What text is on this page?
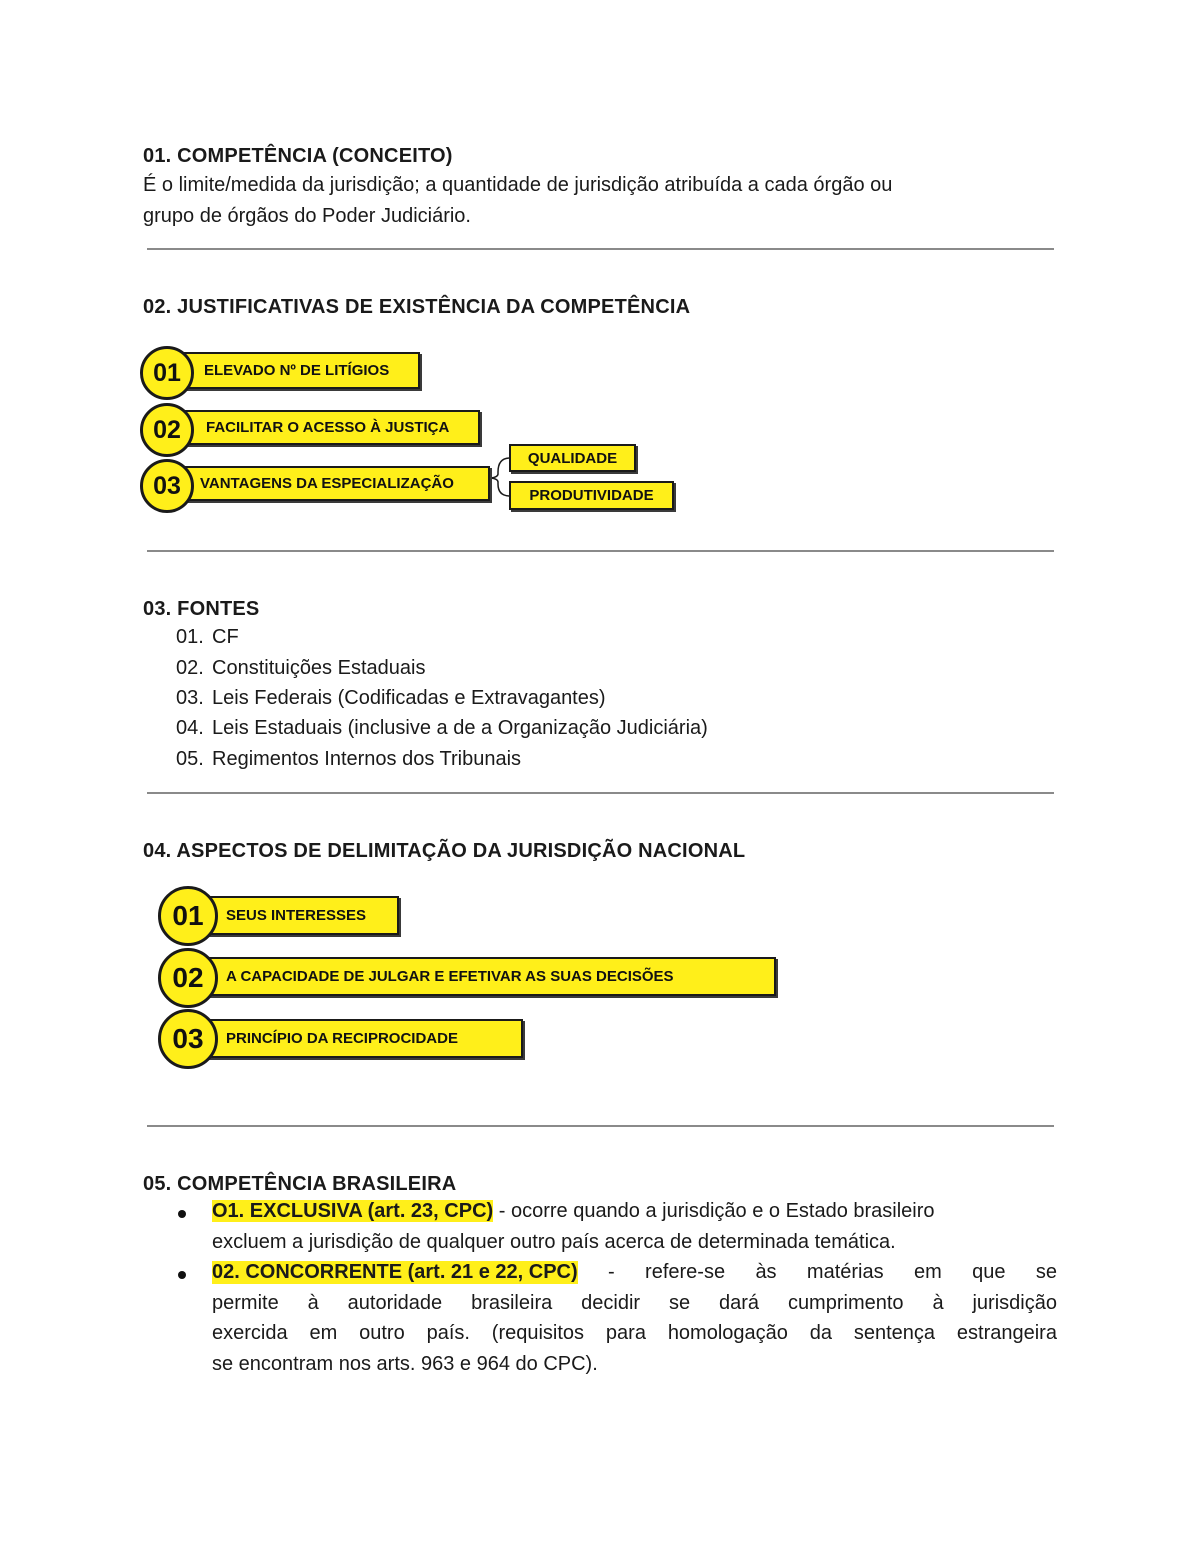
01. COMPETÊNCIA (CONCEITO)
É o limite/medida da jurisdição; a quantidade de jurisdição atribuída a cada órgão ou
grupo de órgãos do Poder Judiciário.
02. JUSTIFICATIVAS DE EXISTÊNCIA DA COMPETÊNCIA
01	ELEVADO Nº DE LITÍGIOS
02	FACILITAR O ACESSO À JUSTIÇA
03	VANTAGENS DA ESPECIALIZAÇÃO
QUALIDADE
PRODUTIVIDADE
03. FONTES
01. CF
02. Constituições Estaduais
03. Leis Federais (Codificadas e Extravagantes)
04. Leis Estaduais (inclusive a de a Organização Judiciária)
05. Regimentos Internos dos Tribunais
04. ASPECTOS DE DELIMITAÇÃO DA JURISDIÇÃO NACIONAL
01	SEUS INTERESSES
02	A CAPACIDADE DE JULGAR E EFETIVAR AS SUAS DECISÕES
03	PRINCÍPIO DA RECIPROCIDADE
05. COMPETÊNCIA BRASILEIRA
O1. EXCLUSIVA (art. 23, CPC) - ocorre quando a jurisdição e o Estado brasileiro
excluem a jurisdição de qualquer outro país acerca de determinada temática.
02. CONCORRENTE (art. 21 e 22, CPC) - refere-se às matérias em que se
permite à autoridade brasileira decidir se dará cumprimento à jurisdição
exercida em outro país. (requisitos para homologação da sentença estrangeira
se encontram nos arts. 963 e 964 do CPC).
